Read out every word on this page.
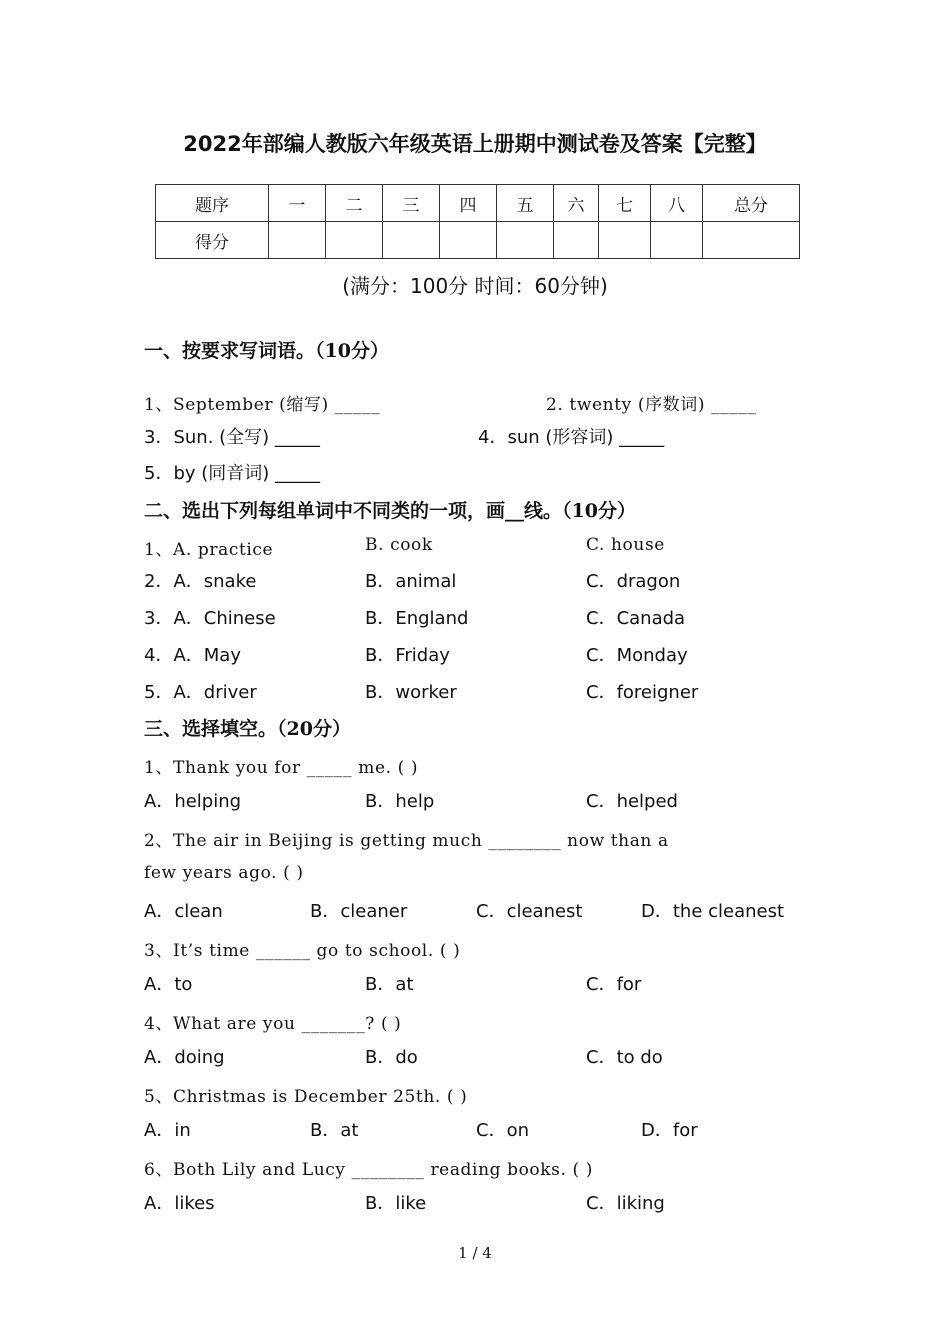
2022年部编人教版六年级英语上册期中测试卷及答案【完整】
题序	一	二	三	四	五	六	七	八	总分
得分									
(满分：100分 时间：60分钟)
一、按要求写词语。（10分）
1、September (缩写) _____	2. twenty (序数词) _____
3．Sun. (全写) _____	4．sun (形容词) _____
5．by (同音词) _____
二、选出下列每组单词中不同类的一项，画__线。（10分）
1、A. practice	B. cook	C. house
2．A．snake	B．animal	C．dragon
3．A．Chinese	B．England	C．Canada
4．A．May	B．Friday	C．Monday
5．A．driver	B．worker	C．foreigner
三、选择填空。（20分）
1、Thank you for _____ me. ( )
A．helping	B．help	C．helped
2、The air in Beijing is getting much ________ now than a
few years ago. ( )
A．clean	B．cleaner	C．cleanest	D．the cleanest
3、It’s time ______ go to school. ( )
A．to	B．at	C．for
4、What are you _______? ( )
A．doing	B．do	C．to do
5、Christmas is December 25th. ( )
A．in	B．at	C．on	D．for
6、Both Lily and Lucy ________ reading books. ( )
A．likes	B．like	C．liking
1 / 4
